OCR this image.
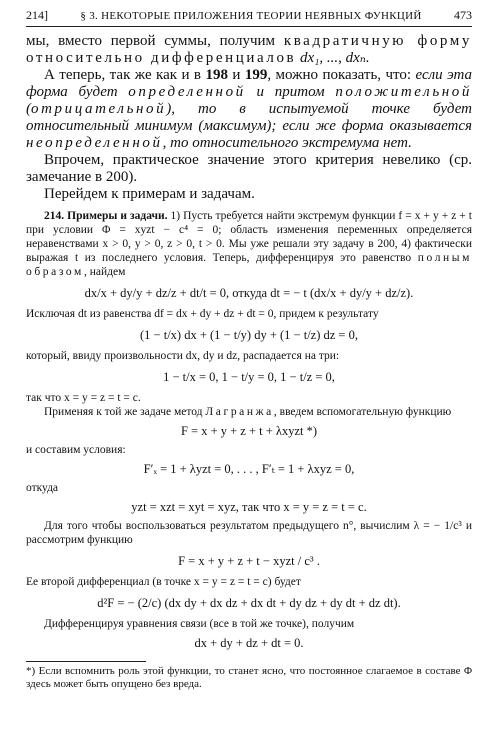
214]	§ 3. НЕКОТОРЫЕ ПРИЛОЖЕНИЯ ТЕОРИИ НЕЯВНЫХ ФУНКЦИЙ	473

мы, вместо первой суммы, получим квадратичную форму относительно дифференциалов dx₁, ..., dxₙ.

А теперь, так же как и в 198 и 199, можно показать, что: если эта форма будет определенной и притом положительной (отрицательной), то в испытуемой точке будет относительный минимум (максимум); если же форма оказывается неопределенной, то относительного экстремума нет.

Впрочем, практическое значение этого критерия невелико (ср. замечание в 200).

Перейдем к примерам и задачам.

214. Примеры и задачи. 1) Пусть требуется найти экстремум функции f = x + y + z + t при условии Φ = xyzt − c⁴ = 0; область изменения переменных определяется неравенствами x > 0, y > 0, z > 0, t > 0. Мы уже решали эту задачу в 200, 4) фактически выражая t из последнего условия. Теперь, дифференцируя это равенство полным образом, найдем

dx/x + dy/y + dz/z + dt/t = 0, откуда dt = − t (dx/x + dy/y + dz/z).

Исключая dt из равенства df = dx + dy + dz + dt = 0, придем к результату

(1 − t/x) dx + (1 − t/y) dy + (1 − t/z) dz = 0,

который, ввиду произвольности dx, dy и dz, распадается на три:

1 − t/x = 0, 1 − t/y = 0, 1 − t/z = 0,

так что x = y = z = t = c.

Применяя к той же задаче метод Лагранжа, введем вспомогательную функцию

F = x + y + z + t + λxyzt *)

и составим условия:

F′ₓ = 1 + λyzt = 0, . . . , F′ₜ = 1 + λxyz = 0,

откуда

yzt = xzt = xyt = xyz, так что x = y = z = t = c.

Для того чтобы воспользоваться результатом предыдущего n°, вычислим λ = − 1/c³ и рассмотрим функцию

F = x + y + z + t − xyzt / c³ .

Ее второй дифференциал (в точке x = y = z = t = c) будет

d²F = − (2/c) (dx dy + dx dz + dx dt + dy dz + dy dt + dz dt).

Дифференцируя уравнения связи (все в той же точке), получим

dx + dy + dz + dt = 0.

*) Если вспомнить роль этой функции, то станет ясно, что постоянное слагаемое в составе Φ здесь может быть опущено без вреда.
